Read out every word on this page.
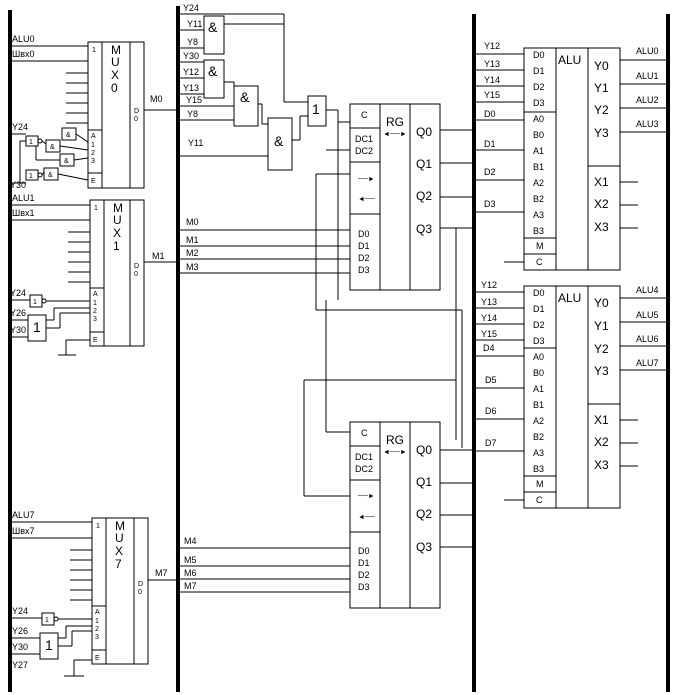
1 M
U
X
0
D
0
A
1
2
3
E
ALU0
Швх0
M0
Y24
Y30
1
1
&
&
&
&
1 M
U
X
1
D
0
A
1
2
3
E
ALU1
Швх1
M1
Y24
Y26
Y30
1
1
1 M
U
X
7
D
0
A
1
2
3
E
ALU7
Швх7
M7
Y24
Y26
Y30
Y27
1
1
Y24
Y11
Y8
&
Y30
Y12
Y13
&
Y15	&
Y8
Y11	&
1	C
DC1
DC2
RG
◄──►
──►
◄──
D0
D1
D2
D3
Q0
Q1
Q2
Q3
M0
M1
M2
M3
C
DC1
DC2
RG
◄──►
──►
◄──
D0
D1
D2
D3
Q0
Q1
Q2
Q3
M4
M5
M6
M7
ALU
D0
D1
D2
D3
A0
B0
A1
B1
A2
B2
A3
B3
M
C
Y0
Y1
Y2
Y3
X1
X2
X3
Y12
Y13
Y14
Y15
D0
D1
D2
D3
ALU0
ALU1
ALU2
ALU3
ALU
D0
D1
D2
D3
A0
B0
A1
B1
A2
B2
A3
B3
M
C
Y0
Y1
Y2
Y3
X1
X2
X3
Y12
Y13
Y14
Y15
D4
D5
D6
D7
ALU4
ALU5
ALU6
ALU7
